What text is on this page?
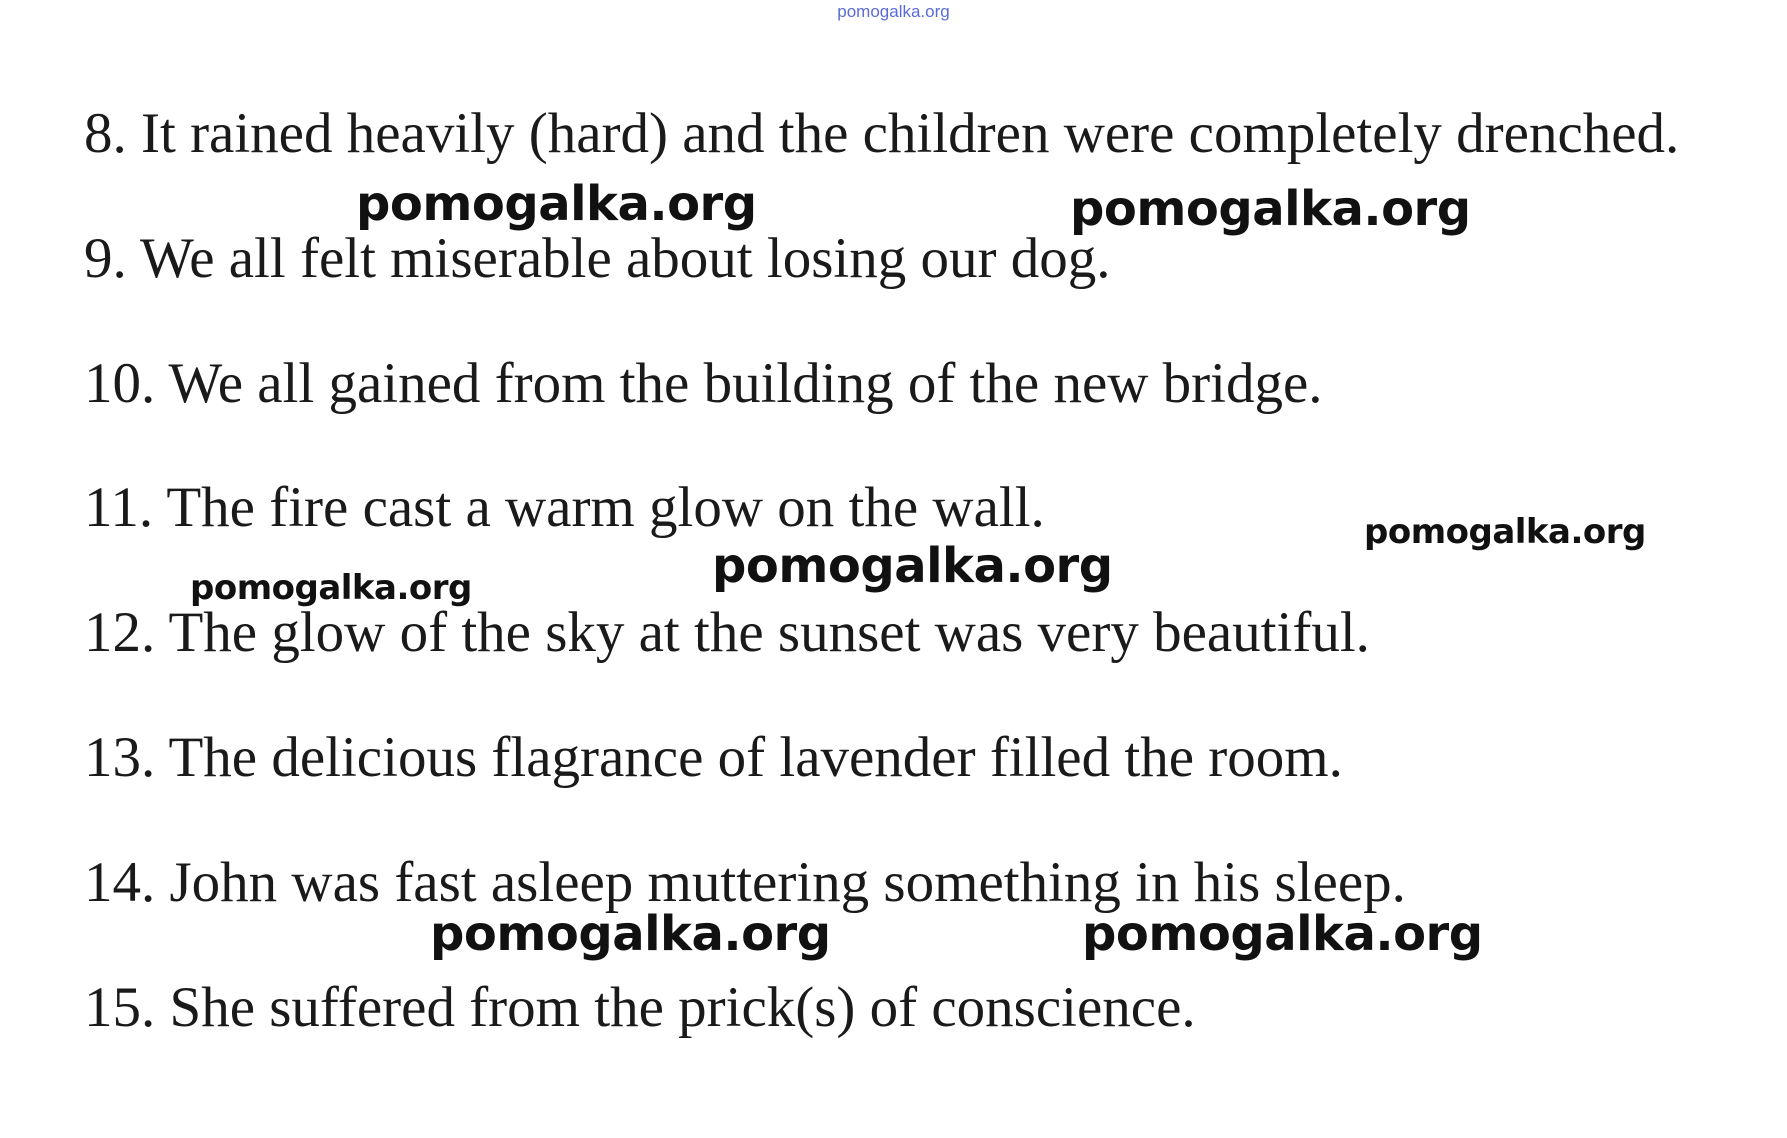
pomogalka.org
8. It rained heavily (hard) and the children were completely drenched.
9. We all felt miserable about losing our dog.
10. We all gained from the building of the new bridge.
11. The fire cast a warm glow on the wall.
12. The glow of the sky at the sunset was very beautiful.
13. The delicious flagrance of lavender filled the room.
14. John was fast asleep muttering something in his sleep.
15. She suffered from the prick(s) of conscience.
pomogalka.org	pomogalka.org
pomogalka.org
pomogalka.org
pomogalka.org
pomogalka.org	pomogalka.org
